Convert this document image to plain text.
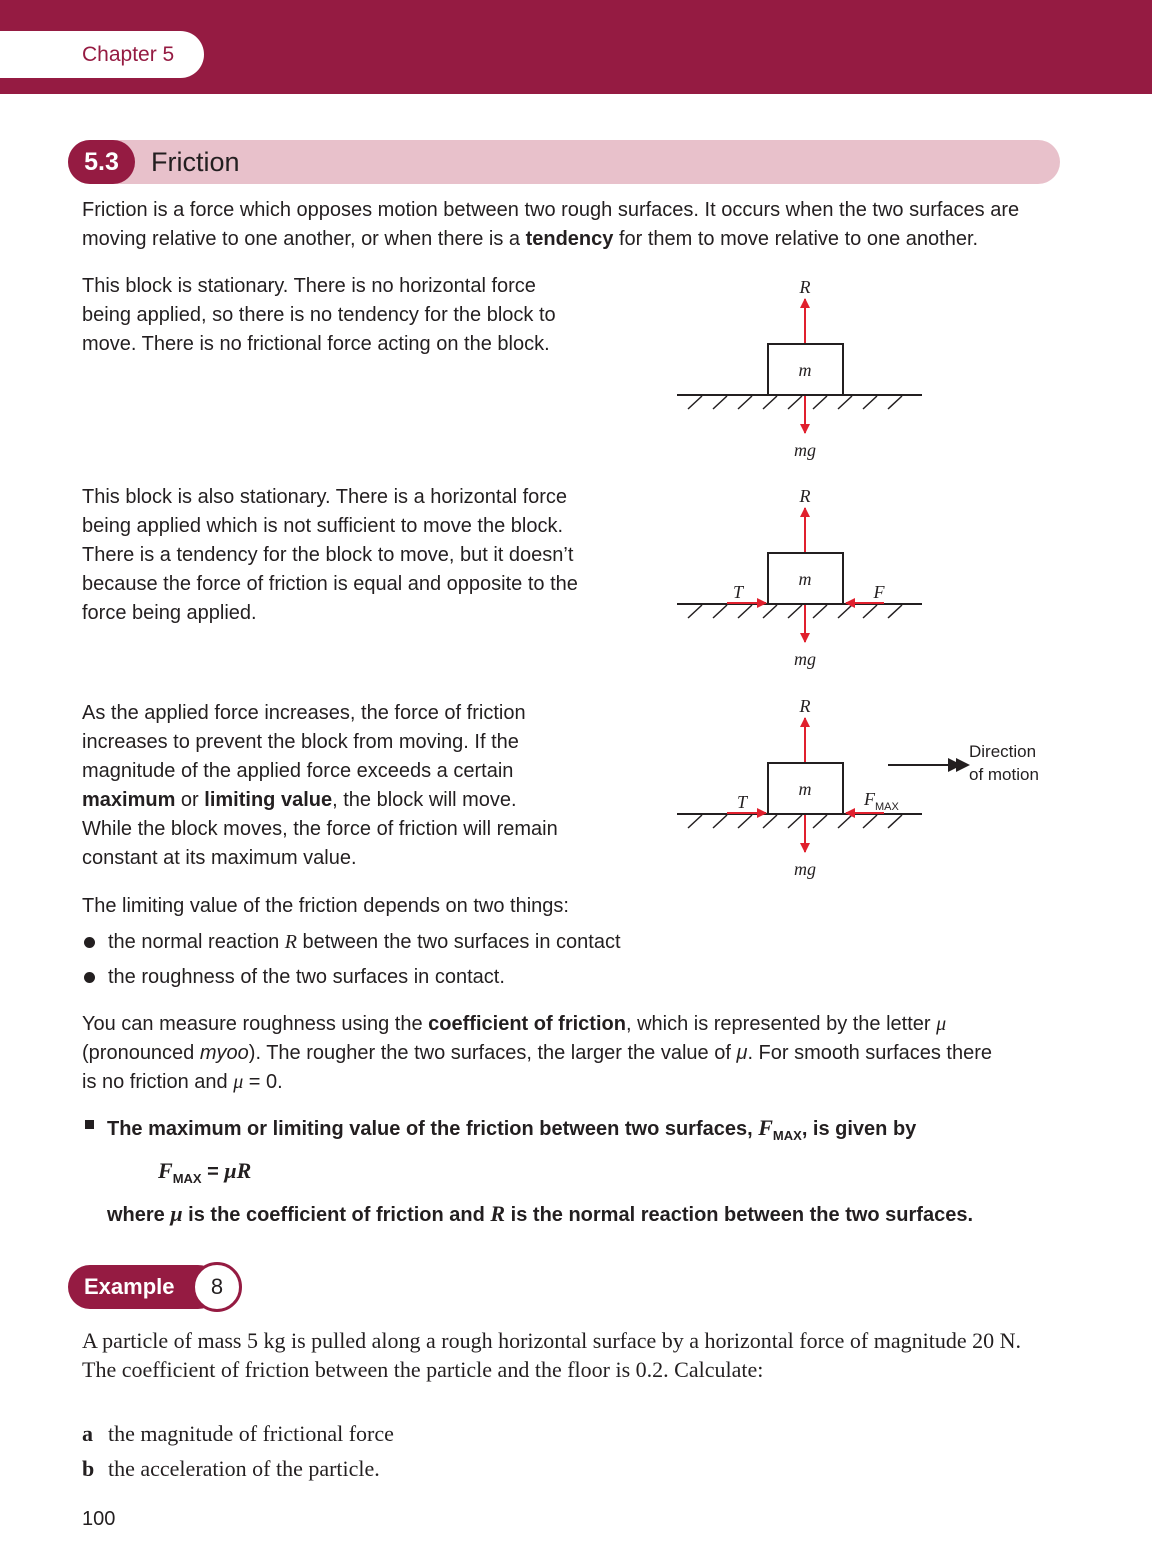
Chapter 5
5.3	Friction
Friction is a force which opposes motion between two rough surfaces. It occurs when the two surfaces are moving relative to one another, or when there is a tendency for them to move relative to one another.
This block is stationary. There is no horizontal force being applied, so there is no tendency for the block to move. There is no frictional force acting on the block.
This block is also stationary. There is a horizontal force being applied which is not sufficient to move the block. There is a tendency for the block to move, but it doesn’t because the force of friction is equal and opposite to the force being applied.
As the applied force increases, the force of friction increases to prevent the block from moving. If the magnitude of the applied force exceeds a certain maximum or limiting value, the block will move. While the block moves, the force of friction will remain constant at its maximum value.
R
m
mg
R
m
mg
T	F
R
m
mg
T	F MAX
Direction
of motion
The limiting value of the friction depends on two things:
the normal reaction R between the two surfaces in contact
the roughness of the two surfaces in contact.
You can measure roughness using the coefficient of friction, which is represented by the letter μ
(pronounced myoo). The rougher the two surfaces, the larger the value of μ. For smooth surfaces there
is no friction and μ = 0.
The maximum or limiting value of the friction between two surfaces, $F_{MAX}$, is given by
$F_{MAX} = \mu R$
where μ is the coefficient of friction and R is the normal reaction between the two surfaces.
Example	8
A particle of mass 5 kg is pulled along a rough horizontal surface by a horizontal force of magnitude 20 N. The coefficient of friction between the particle and the floor is 0.2. Calculate:
a the magnitude of frictional force
b the acceleration of the particle.
100
